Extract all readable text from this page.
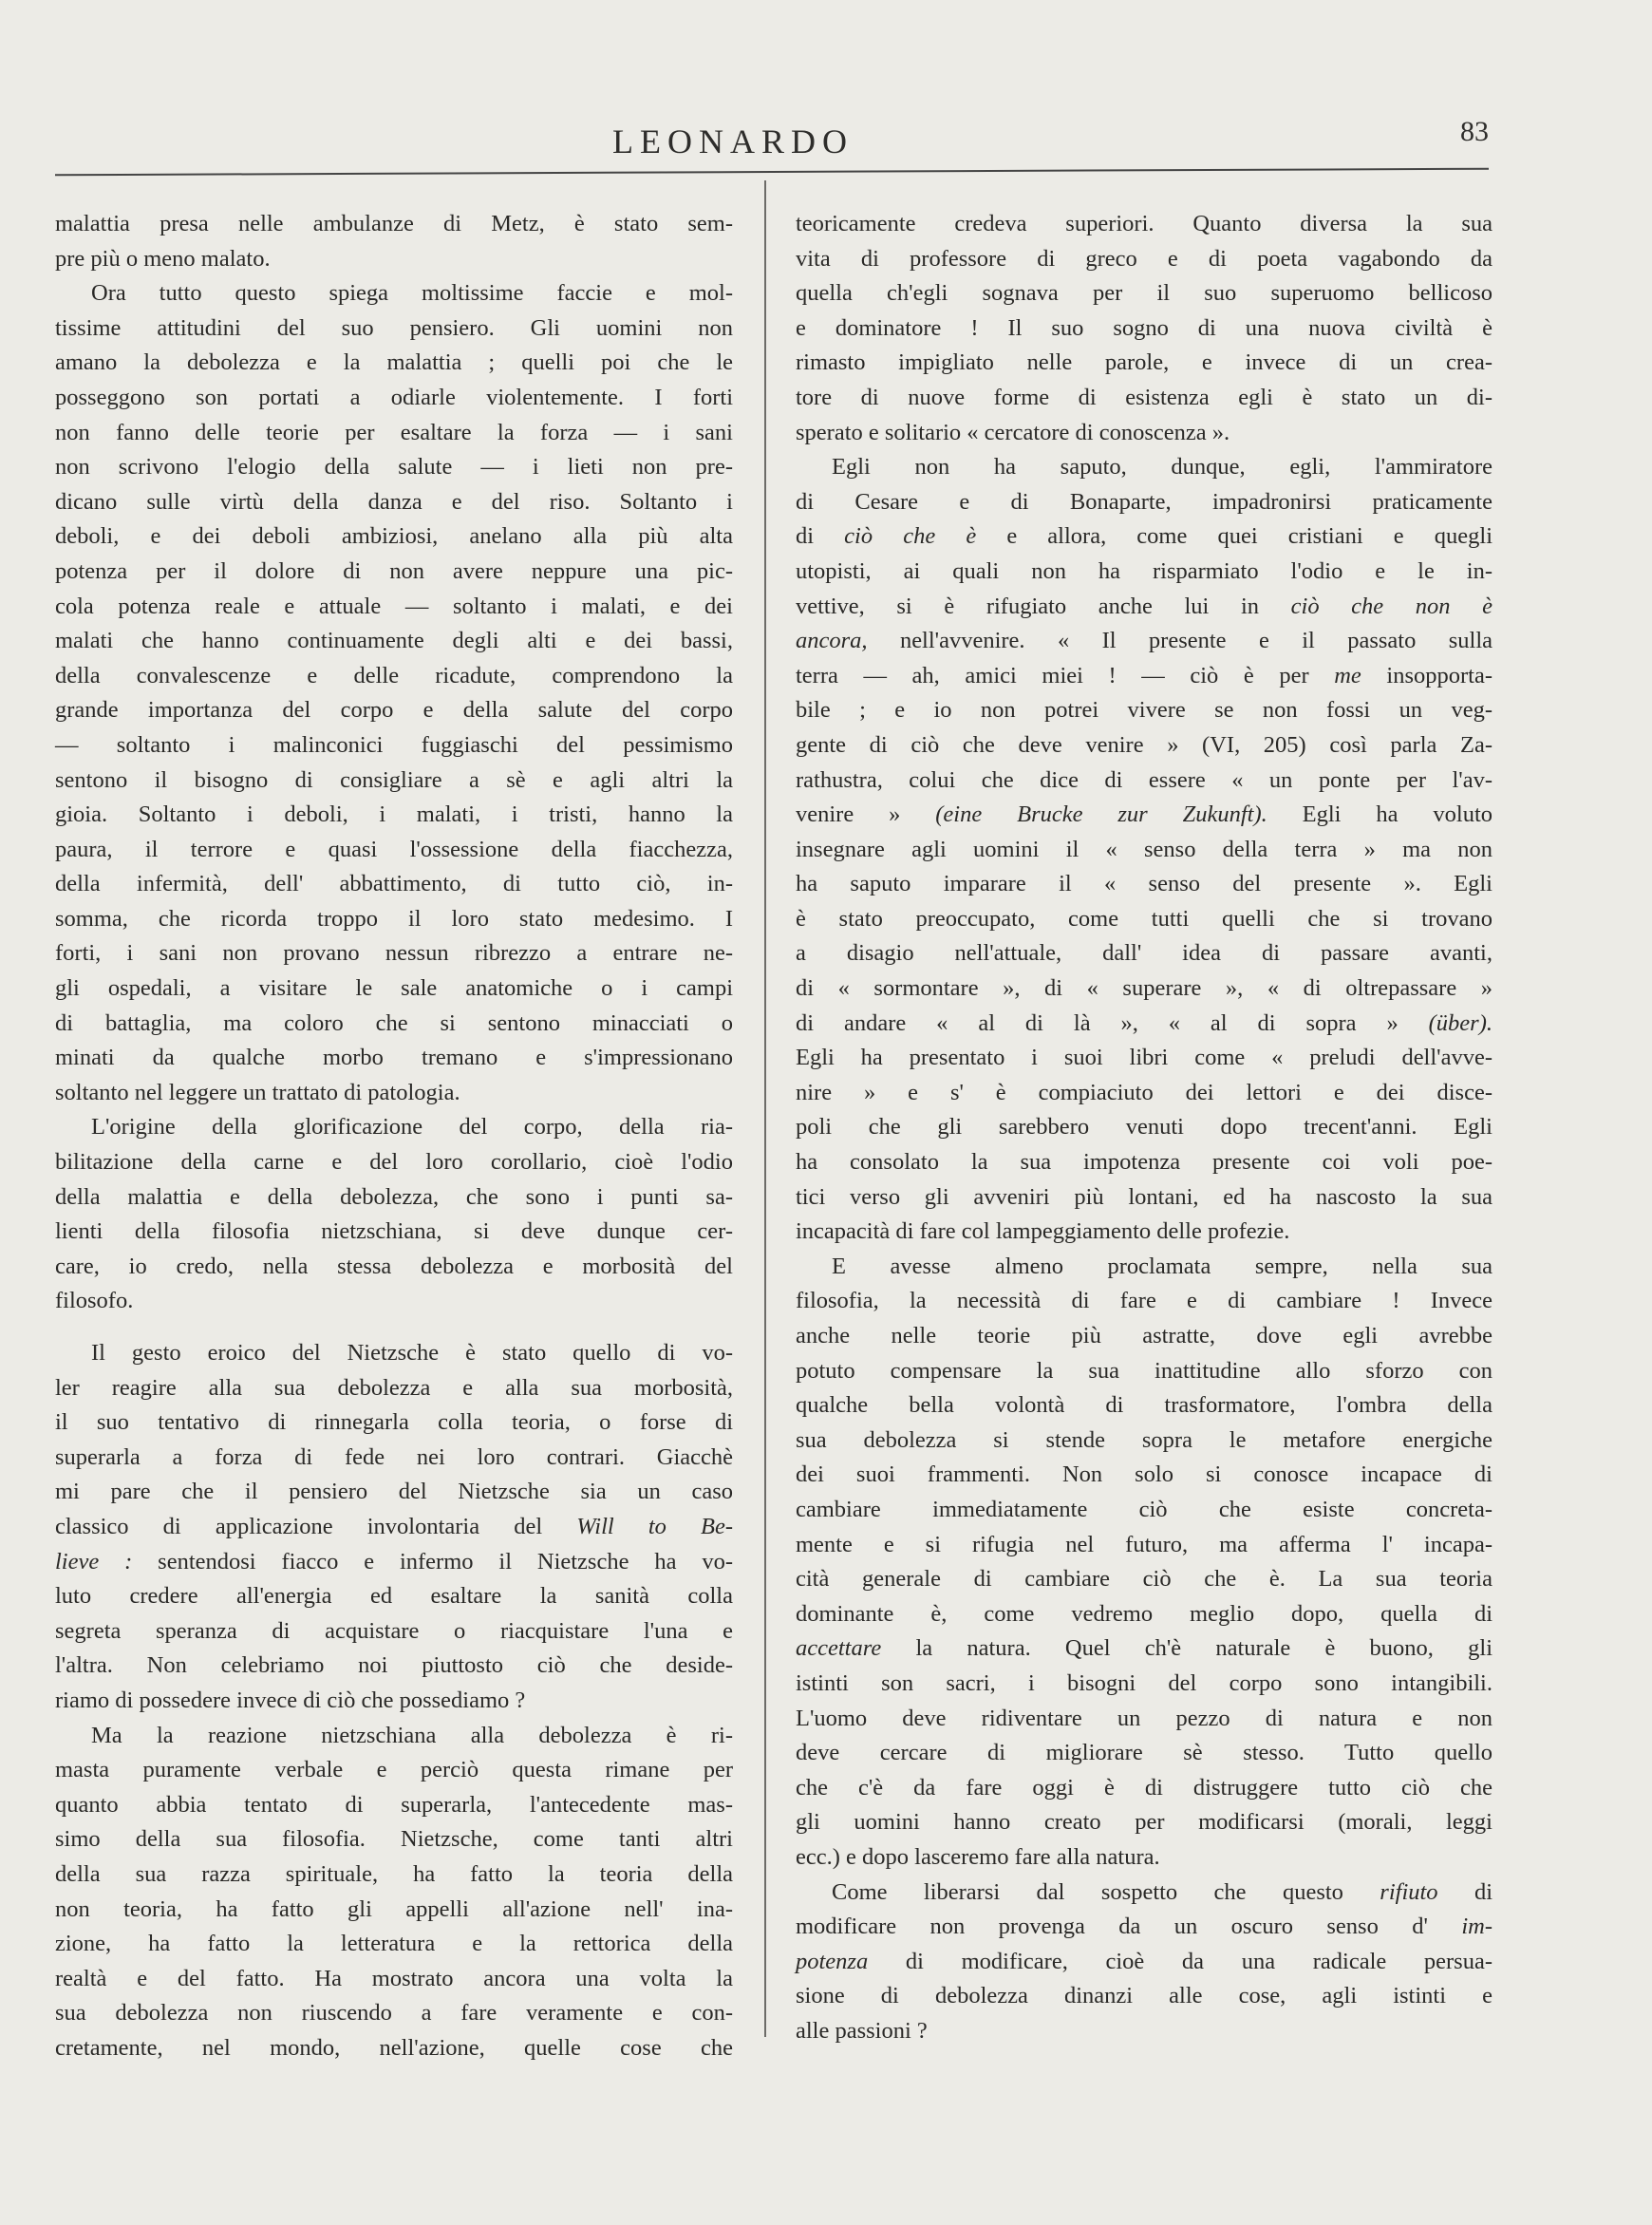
LEONARDO	83
malattia presa nelle ambulanze di Metz, è stato sem-
pre più o meno malato.
Ora tutto questo spiega moltissime faccie e mol-
tissime attitudini del suo pensiero. Gli uomini non
amano la debolezza e la malattia ; quelli poi che le
posseggono son portati a odiarle violentemente. I forti
non fanno delle teorie per esaltare la forza — i sani
non scrivono l'elogio della salute — i lieti non pre-
dicano sulle virtù della danza e del riso. Soltanto i
deboli, e dei deboli ambiziosi, anelano alla più alta
potenza per il dolore di non avere neppure una pic-
cola potenza reale e attuale — soltanto i malati, e dei
malati che hanno continuamente degli alti e dei bassi,
della convalescenze e delle ricadute, comprendono la
grande importanza del corpo e della salute del corpo
— soltanto i malinconici fuggiaschi del pessimismo
sentono il bisogno di consigliare a sè e agli altri la
gioia. Soltanto i deboli, i malati, i tristi, hanno la
paura, il terrore e quasi l'ossessione della fiacchezza,
della infermità, dell' abbattimento, di tutto ciò, in-
somma, che ricorda troppo il loro stato medesimo. I
forti, i sani non provano nessun ribrezzo a entrare ne-
gli ospedali, a visitare le sale anatomiche o i campi
di battaglia, ma coloro che si sentono minacciati o
minati da qualche morbo tremano e s'impressionano
soltanto nel leggere un trattato di patologia.
L'origine della glorificazione del corpo, della ria-
bilitazione della carne e del loro corollario, cioè l'odio
della malattia e della debolezza, che sono i punti sa-
lienti della filosofia nietzschiana, si deve dunque cer-
care, io credo, nella stessa debolezza e morbosità del
filosofo.
Il gesto eroico del Nietzsche è stato quello di vo-
ler reagire alla sua debolezza e alla sua morbosità,
il suo tentativo di rinnegarla colla teoria, o forse di
superarla a forza di fede nei loro contrari. Giacchè
mi pare che il pensiero del Nietzsche sia un caso
classico di applicazione involontaria del Will to Be-
lieve : sentendosi fiacco e infermo il Nietzsche ha vo-
luto credere all'energia ed esaltare la sanità colla
segreta speranza di acquistare o riacquistare l'una e
l'altra. Non celebriamo noi piuttosto ciò che deside-
riamo di possedere invece di ciò che possediamo ?
Ma la reazione nietzschiana alla debolezza è ri-
masta puramente verbale e perciò questa rimane per
quanto abbia tentato di superarla, l'antecedente mas-
simo della sua filosofia. Nietzsche, come tanti altri
della sua razza spirituale, ha fatto la teoria della
non teoria, ha fatto gli appelli all'azione nell' ina-
zione, ha fatto la letteratura e la rettorica della
realtà e del fatto. Ha mostrato ancora una volta la
sua debolezza non riuscendo a fare veramente e con-
cretamente, nel mondo, nell'azione, quelle cose che
teoricamente credeva superiori. Quanto diversa la sua
vita di professore di greco e di poeta vagabondo da
quella ch'egli sognava per il suo superuomo bellicoso
e dominatore ! Il suo sogno di una nuova civiltà è
rimasto impigliato nelle parole, e invece di un crea-
tore di nuove forme di esistenza egli è stato un di-
sperato e solitario « cercatore di conoscenza ».
Egli non ha saputo, dunque, egli, l'ammiratore
di Cesare e di Bonaparte, impadronirsi praticamente
di ciò che è e allora, come quei cristiani e quegli
utopisti, ai quali non ha risparmiato l'odio e le in-
vettive, si è rifugiato anche lui in ciò che non è
ancora, nell'avvenire. « Il presente e il passato sulla
terra — ah, amici miei ! — ciò è per me insopporta-
bile ; e io non potrei vivere se non fossi un veg-
gente di ciò che deve venire » (VI, 205) così parla Za-
rathustra, colui che dice di essere « un ponte per l'av-
venire » (eine Brucke zur Zukunft). Egli ha voluto
insegnare agli uomini il « senso della terra » ma non
ha saputo imparare il « senso del presente ». Egli
è stato preoccupato, come tutti quelli che si trovano
a disagio nell'attuale, dall' idea di passare avanti,
di « sormontare », di « superare », « di oltrepassare »
di andare « al di là », « al di sopra » (über).
Egli ha presentato i suoi libri come « preludi dell'avve-
nire » e s' è compiaciuto dei lettori e dei disce-
poli che gli sarebbero venuti dopo trecent'anni. Egli
ha consolato la sua impotenza presente coi voli poe-
tici verso gli avveniri più lontani, ed ha nascosto la sua
incapacità di fare col lampeggiamento delle profezie.
E avesse almeno proclamata sempre, nella sua
filosofia, la necessità di fare e di cambiare ! Invece
anche nelle teorie più astratte, dove egli avrebbe
potuto compensare la sua inattitudine allo sforzo con
qualche bella volontà di trasformatore, l'ombra della
sua debolezza si stende sopra le metafore energiche
dei suoi frammenti. Non solo si conosce incapace di
cambiare immediatamente ciò che esiste concreta-
mente e si rifugia nel futuro, ma afferma l' incapa-
cità generale di cambiare ciò che è. La sua teoria
dominante è, come vedremo meglio dopo, quella di
accettare la natura. Quel ch'è naturale è buono, gli
istinti son sacri, i bisogni del corpo sono intangibili.
L'uomo deve ridiventare un pezzo di natura e non
deve cercare di migliorare sè stesso. Tutto quello
che c'è da fare oggi è di distruggere tutto ciò che
gli uomini hanno creato per modificarsi (morali, leggi
ecc.) e dopo lasceremo fare alla natura.
Come liberarsi dal sospetto che questo rifiuto di
modificare non provenga da un oscuro senso d' im-
potenza di modificare, cioè da una radicale persua-
sione di debolezza dinanzi alle cose, agli istinti e
alle passioni ?
